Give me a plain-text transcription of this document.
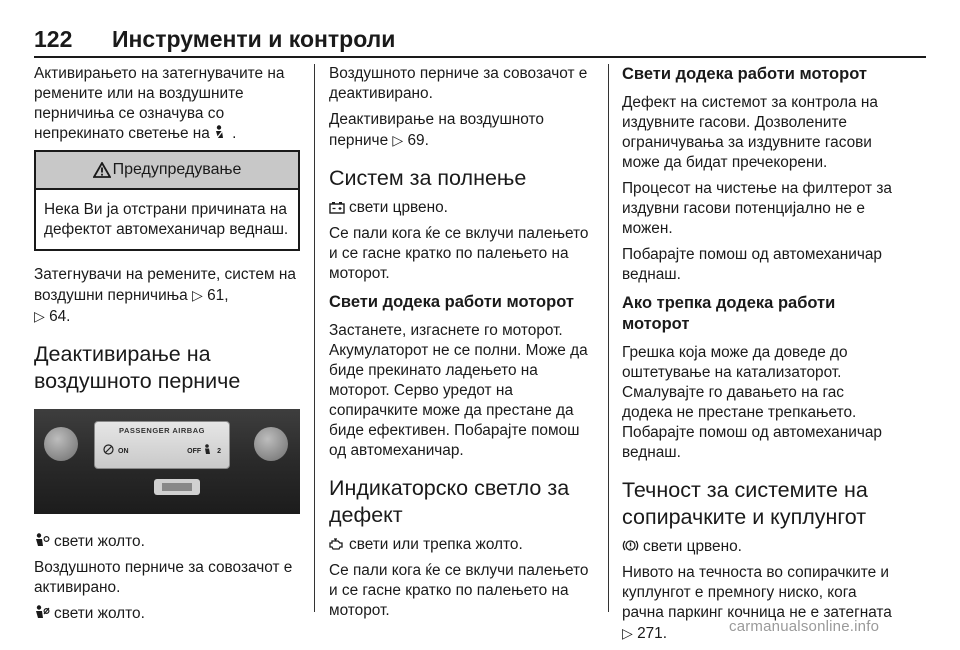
122 Инструменти и контроли

Активирањето на затегнувачите на ремените или на воздушните перничиња се означува со непрекинато светење на .

Предупредување
Нека Ви ја отстрани причината на дефектот автомеханичар веднаш.

Затегнувачи на ремените, систем на воздушни перничиња ▷ 61,
▷ 64.

Деактивирање на воздушното перниче
PASSENGER AIRBAG
ON	OFF 2

свети жолто.

Воздушното перниче за совозачот е активирано.

свети жолто.

Воздушното перниче за совозачот е деактивирано.

Деактивирање на воздушното перниче ▷ 69.

Систем за полнење

свети црвено.

Се пали кога ќе се вклучи палењето и се гасне кратко по палењето на моторот.

Свети додека работи моторот

Застанете, изгаснете го моторот. Акумулаторот не се полни. Може да биде прекинато ладењето на моторот. Серво уредот на сопирачките може да престане да биде ефективен. Побарајте помош од автомеханичар.

Индикаторско светло за дефект

свети или трепка жолто.

Се пали кога ќе се вклучи палењето и се гасне кратко по палењето на моторот.

Свети додека работи моторот

Дефект на системот за контрола на издувните гасови. Дозволените ограничувања за издувните гасови може да бидат пречекорени.

Процесот на чистење на филтерот за издувни гасови потенцијално не е можен.

Побарајте помош од автомеханичар веднаш.

Ако трепка додека работи моторот

Грешка која може да доведе до оштетување на катализаторот. Смалувајте го давањето на гас додека не престане трепкањето. Побарајте помош од автомеханичар веднаш.

Течност за системите на сопирачките и куплунгот

свети црвено.

Нивото на течноста во сопирачките и куплунгот е премногу ниско, кога рачна паркинг кочница не е затегната ▷ 271.	carmanualsonline.info
